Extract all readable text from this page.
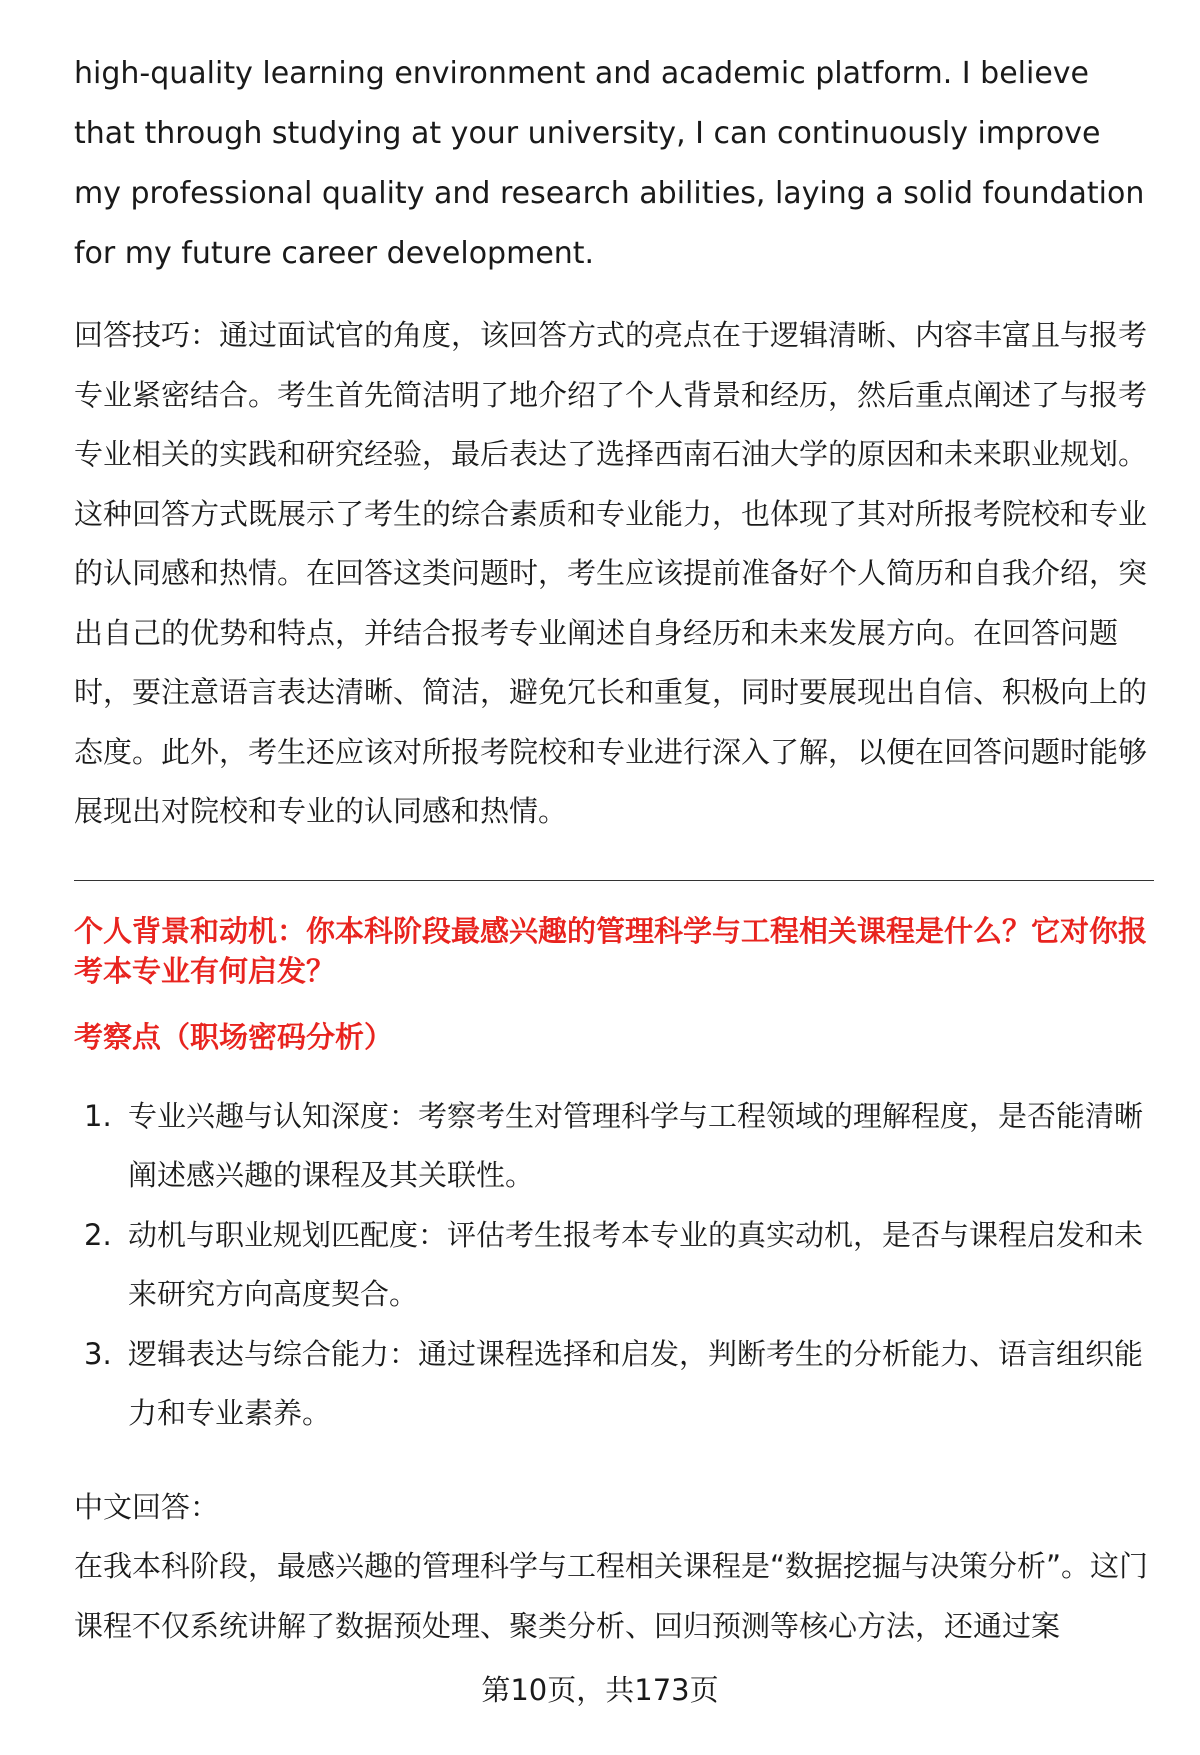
high-quality learning environment and academic platform. I believe that through studying at your university, I can continuously improve my professional quality and research abilities, laying a solid foundation for my future career development.

回答技巧：通过面试官的角度，该回答方式的亮点在于逻辑清晰、内容丰富且与报考专业紧密结合。考生首先简洁明了地介绍了个人背景和经历，然后重点阐述了与报考专业相关的实践和研究经验，最后表达了选择西南石油大学的原因和未来职业规划。这种回答方式既展示了考生的综合素质和专业能力，也体现了其对所报考院校和专业的认同感和热情。在回答这类问题时，考生应该提前准备好个人简历和自我介绍，突出自己的优势和特点，并结合报考专业阐述自身经历和未来发展方向。在回答问题时，要注意语言表达清晰、简洁，避免冗长和重复，同时要展现出自信、积极向上的态度。此外，考生还应该对所报考院校和专业进行深入了解，以便在回答问题时能够展现出对院校和专业的认同感和热情。

个人背景和动机：你本科阶段最感兴趣的管理科学与工程相关课程是什么？它对你报考本专业有何启发？

考察点（职场密码分析）

1. 专业兴趣与认知深度：考察考生对管理科学与工程领域的理解程度，是否能清晰阐述感兴趣的课程及其关联性。
2. 动机与职业规划匹配度：评估考生报考本专业的真实动机，是否与课程启发和未来研究方向高度契合。
3. 逻辑表达与综合能力：通过课程选择和启发，判断考生的分析能力、语言组织能力和专业素养。
中文回答：

在我本科阶段，最感兴趣的管理科学与工程相关课程是“数据挖掘与决策分析”。这门课程不仅系统讲解了数据预处理、聚类分析、回归预测等核心方法，还通过案

第10页，共173页
